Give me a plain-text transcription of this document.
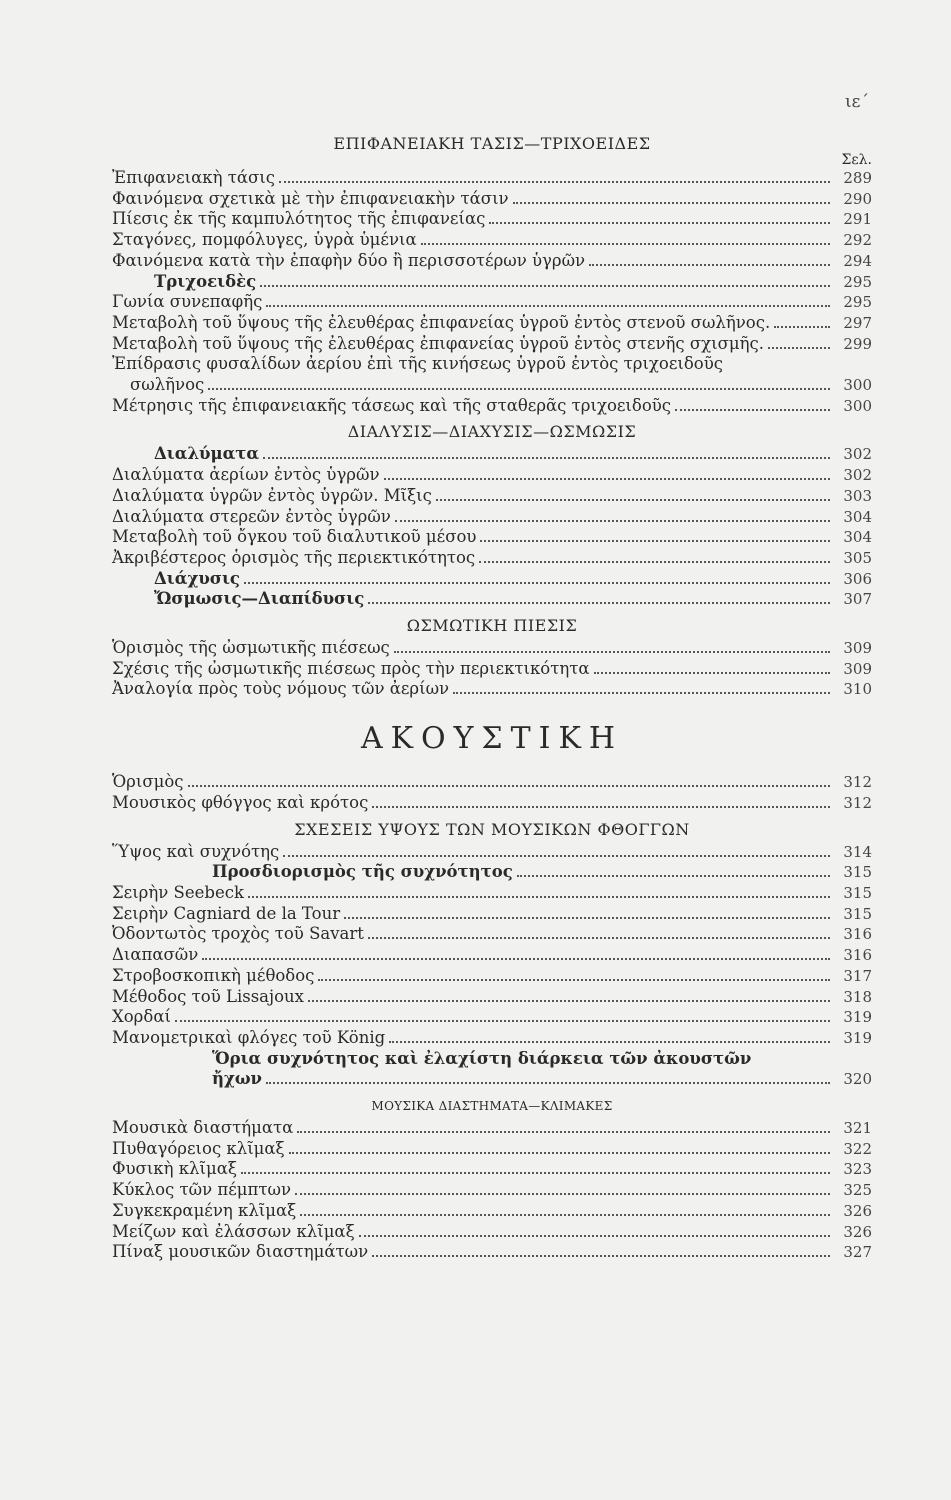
ιε΄
ΕΠΙΦΑΝΕΙΑΚΗ ΤΑΣΙΣ—ΤΡΙΧΟΕΙΔΕΣ
Σελ.
Ἐπιφανειακὴ τάσις	289
Φαινόμενα σχετικὰ μὲ τὴν ἐπιφανειακὴν τάσιν	290
Πίεσις ἐκ τῆς καμπυλότητος τῆς ἐπιφανείας	291
Σταγόνες, πομφόλυγες, ὑγρὰ ὑμένια	292
Φαινόμενα κατὰ τὴν ἐπαφὴν δύο ἢ περισσοτέρων ὑγρῶν	294
Τριχοειδὲς	295
Γωνία συνεπαφῆς	295
Μεταβολὴ τοῦ ὕψους τῆς ἐλευθέρας ἐπιφανείας ὑγροῦ ἐντὸς στενοῦ σωλῆνος.	297
Μεταβολὴ τοῦ ὕψους τῆς ἐλευθέρας ἐπιφανείας ὑγροῦ ἐντὸς στενῆς σχισμῆς.	299
Ἐπίδρασις φυσαλίδων ἀερίου ἐπὶ τῆς κινήσεως ὑγροῦ ἐντὸς τριχοειδοῦς
σωλῆνος	300
Μέτρησις τῆς ἐπιφανειακῆς τάσεως καὶ τῆς σταθερᾶς τριχοειδοῦς	300
ΔΙΑΛΥΣΙΣ—ΔΙΑΧΥΣΙΣ—ΩΣΜΩΣΙΣ
Διαλύματα	302
Διαλύματα ἀερίων ἐντὸς ὑγρῶν	302
Διαλύματα ὑγρῶν ἐντὸς ὑγρῶν. Μῖξις	303
Διαλύματα στερεῶν ἐντὸς ὑγρῶν	304
Μεταβολὴ τοῦ ὄγκου τοῦ διαλυτικοῦ μέσου	304
Ἀκριβέστερος ὁρισμὸς τῆς περιεκτικότητος	305
Διάχυσις	306
Ὤσμωσις—Διαπίδυσις	307
ΩΣΜΩΤΙΚΗ ΠΙΕΣΙΣ
Ὁρισμὸς τῆς ὠσμωτικῆς πιέσεως	309
Σχέσις τῆς ὠσμωτικῆς πιέσεως πρὸς τὴν περιεκτικότητα	309
Ἀναλογία πρὸς τοὺς νόμους τῶν ἀερίων	310
ΑΚΟΥΣΤΙΚΗ
Ὁρισμὸς	312
Μουσικὸς φθόγγος καὶ κρότος	312
ΣΧΕΣΕΙΣ ΥΨΟΥΣ ΤΩΝ ΜΟΥΣΙΚΩΝ ΦΘΟΓΓΩΝ
Ὕψος καὶ συχνότης	314
Προσδιορισμὸς τῆς συχνότητος	315
Σειρὴν Seebeck	315
Σειρὴν Cagniard de la Tour	315
Ὀδοντωτὸς τροχὸς τοῦ Savart	316
Διαπασῶν	316
Στροβοσκοπικὴ μέθοδος	317
Μέθοδος τοῦ Lissajoux	318
Χορδαί	319
Μανομετρικαὶ φλόγες τοῦ König	319
Ὅρια συχνότητος καὶ ἐλαχίστη διάρκεια τῶν ἀκουστῶν
ἤχων	320
ΜΟΥΣΙΚΑ ΔΙΑΣΤΗΜΑΤΑ—ΚΛΙΜΑΚΕΣ
Μουσικὰ διαστήματα	321
Πυθαγόρειος κλῖμαξ	322
Φυσικὴ κλῖμαξ	323
Κύκλος τῶν πέμπτων	325
Συγκεκραμένη κλῖμαξ	326
Μείζων καὶ ἐλάσσων κλῖμαξ	326
Πίναξ μουσικῶν διαστημάτων	327
